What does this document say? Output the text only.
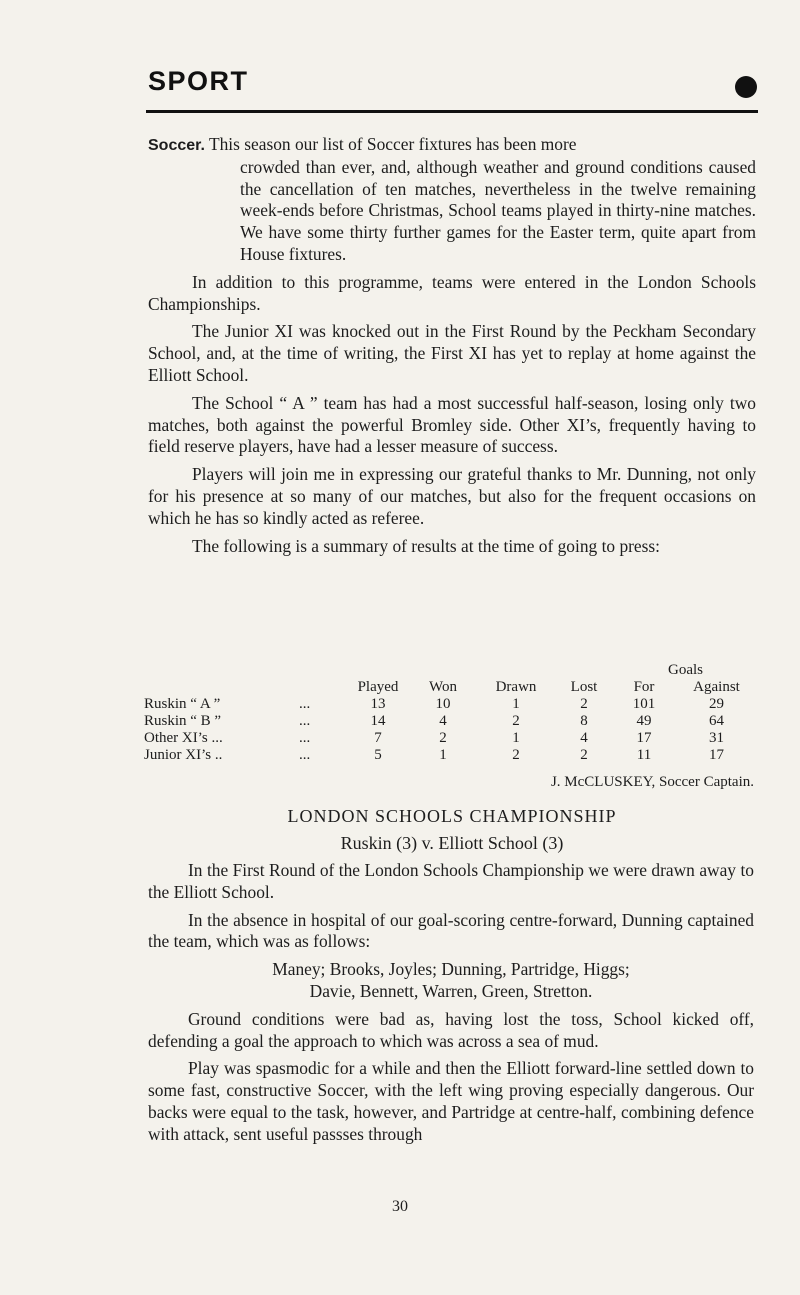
SPORT

Soccer. This season our list of Soccer fixtures has been more
crowded than ever, and, although weather and ground conditions caused the cancellation of ten matches, nevertheless in the twelve remaining week-ends before Christmas, School teams played in thirty-nine matches. We have some thirty further games for the Easter term, quite apart from House fixtures.

In addition to this programme, teams were entered in the London Schools Championships.

The Junior XI was knocked out in the First Round by the Peckham Secondary School, and, at the time of writing, the First XI has yet to replay at home against the Elliott School.

The School “ A ” team has had a most successful half-season, losing only two matches, both against the powerful Bromley side. Other XI’s, frequently having to field reserve players, have had a lesser measure of success.

Players will join me in expressing our grateful thanks to Mr. Dunning, not only for his presence at so many of our matches, but also for the frequent occasions on which he has so kindly acted as referee.

The following is a summary of results at the time of going to press:

						Goals	
		Played	Won	Drawn	Lost	For	Against
Ruskin “ A ”	...	13	10	1	2	101	29
Ruskin “ B ”	...	14	4	2	8	49	64
Other XI’s ...	...	7	2	1	4	17	31
Junior XI’s ..	...	5	1	2	2	11	17
J. McCLUSKEY, Soccer Captain.
LONDON SCHOOLS CHAMPIONSHIP
Ruskin (3) v. Elliott School (3)

In the First Round of the London Schools Championship we were drawn away to the Elliott School.

In the absence in hospital of our goal-scoring centre-forward, Dunning captained the team, which was as follows:

Maney; Brooks, Joyles; Dunning, Partridge, Higgs;

Davie, Bennett, Warren, Green, Stretton.

Ground conditions were bad as, having lost the toss, School kicked off, defending a goal the approach to which was across a sea of mud.

Play was spasmodic for a while and then the Elliott forward-line settled down to some fast, constructive Soccer, with the left wing proving especially dangerous. Our backs were equal to the task, however, and Partridge at centre-half, combining defence with attack, sent useful passses through

30
